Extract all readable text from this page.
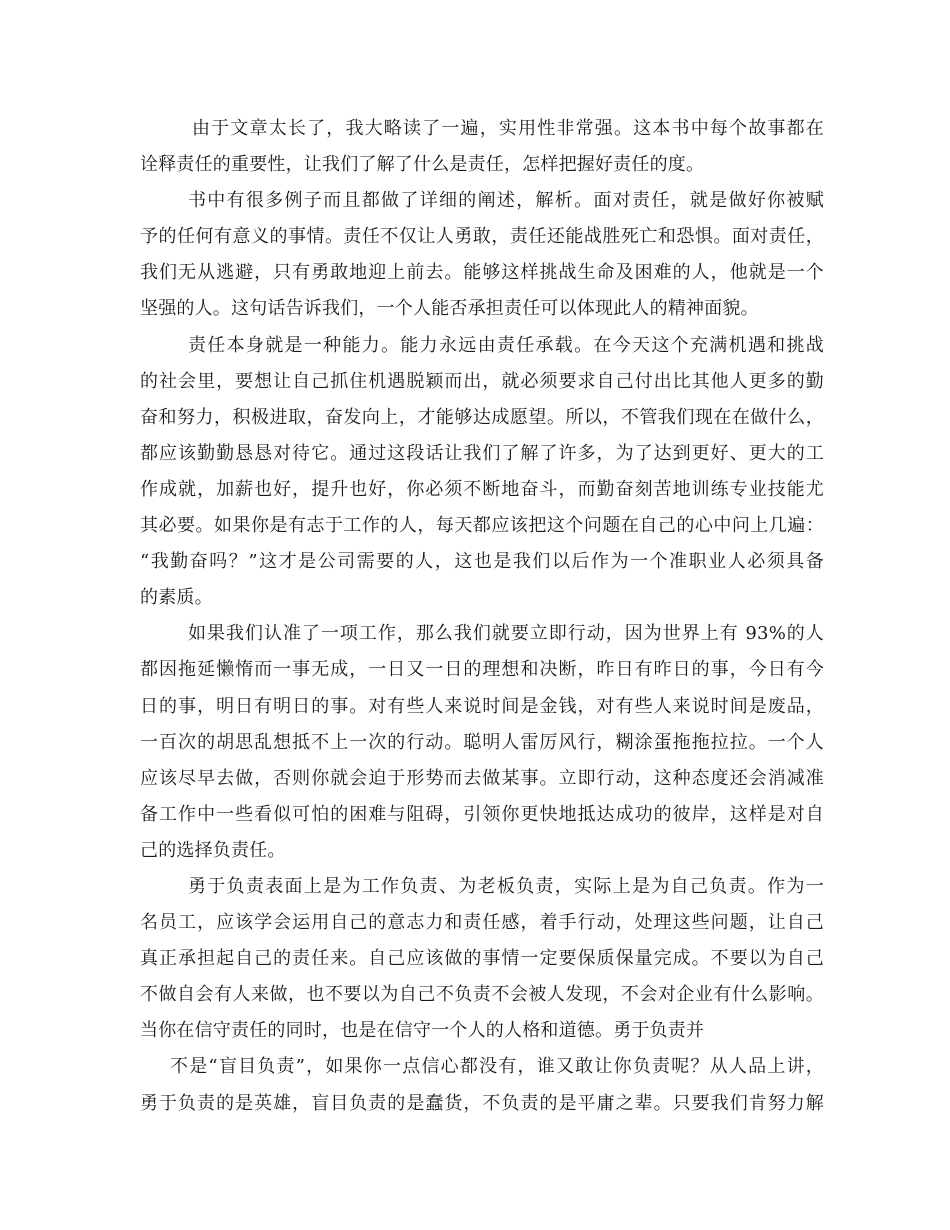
由于文章太长了，我大略读了一遍，实用性非常强。这本书中每个故事都在
诠释责任的重要性，让我们了解了什么是责任，怎样把握好责任的度。
书中有很多例子而且都做了详细的阐述，解析。面对责任，就是做好你被赋
予的任何有意义的事情。责任不仅让人勇敢，责任还能战胜死亡和恐惧。面对责任，
我们无从逃避，只有勇敢地迎上前去。能够这样挑战生命及困难的人，他就是一个
坚强的人。这句话告诉我们，一个人能否承担责任可以体现此人的精神面貌。
责任本身就是一种能力。能力永远由责任承载。在今天这个充满机遇和挑战
的社会里，要想让自己抓住机遇脱颖而出，就必须要求自己付出比其他人更多的勤
奋和努力，积极进取，奋发向上，才能够达成愿望。所以，不管我们现在在做什么，
都应该勤勤恳恳对待它。通过这段话让我们了解了许多，为了达到更好、更大的工
作成就，加薪也好，提升也好，你必须不断地奋斗，而勤奋刻苦地训练专业技能尤
其必要。如果你是有志于工作的人，每天都应该把这个问题在自己的心中问上几遍：
“我勤奋吗？”这才是公司需要的人，这也是我们以后作为一个准职业人必须具备
的素质。
如果我们认准了一项工作，那么我们就要立即行动，因为世界上有 93%的人
都因拖延懒惰而一事无成，一日又一日的理想和决断，昨日有昨日的事，今日有今
日的事，明日有明日的事。对有些人来说时间是金钱，对有些人来说时间是废品，
一百次的胡思乱想抵不上一次的行动。聪明人雷厉风行，糊涂蛋拖拖拉拉。一个人
应该尽早去做，否则你就会迫于形势而去做某事。立即行动，这种态度还会消减准
备工作中一些看似可怕的困难与阻碍，引领你更快地抵达成功的彼岸，这样是对自
己的选择负责任。
勇于负责表面上是为工作负责、为老板负责，实际上是为自己负责。作为一
名员工，应该学会运用自己的意志力和责任感，着手行动，处理这些问题，让自己
真正承担起自己的责任来。自己应该做的事情一定要保质保量完成。不要以为自己
不做自会有人来做，也不要以为自己不负责不会被人发现，不会对企业有什么影响。
当你在信守责任的同时，也是在信守一个人的人格和道德。勇于负责并
不是“盲目负责”，如果你一点信心都没有，谁又敢让你负责呢？从人品上讲，
勇于负责的是英雄，盲目负责的是蠢货，不负责的是平庸之辈。只要我们肯努力解
